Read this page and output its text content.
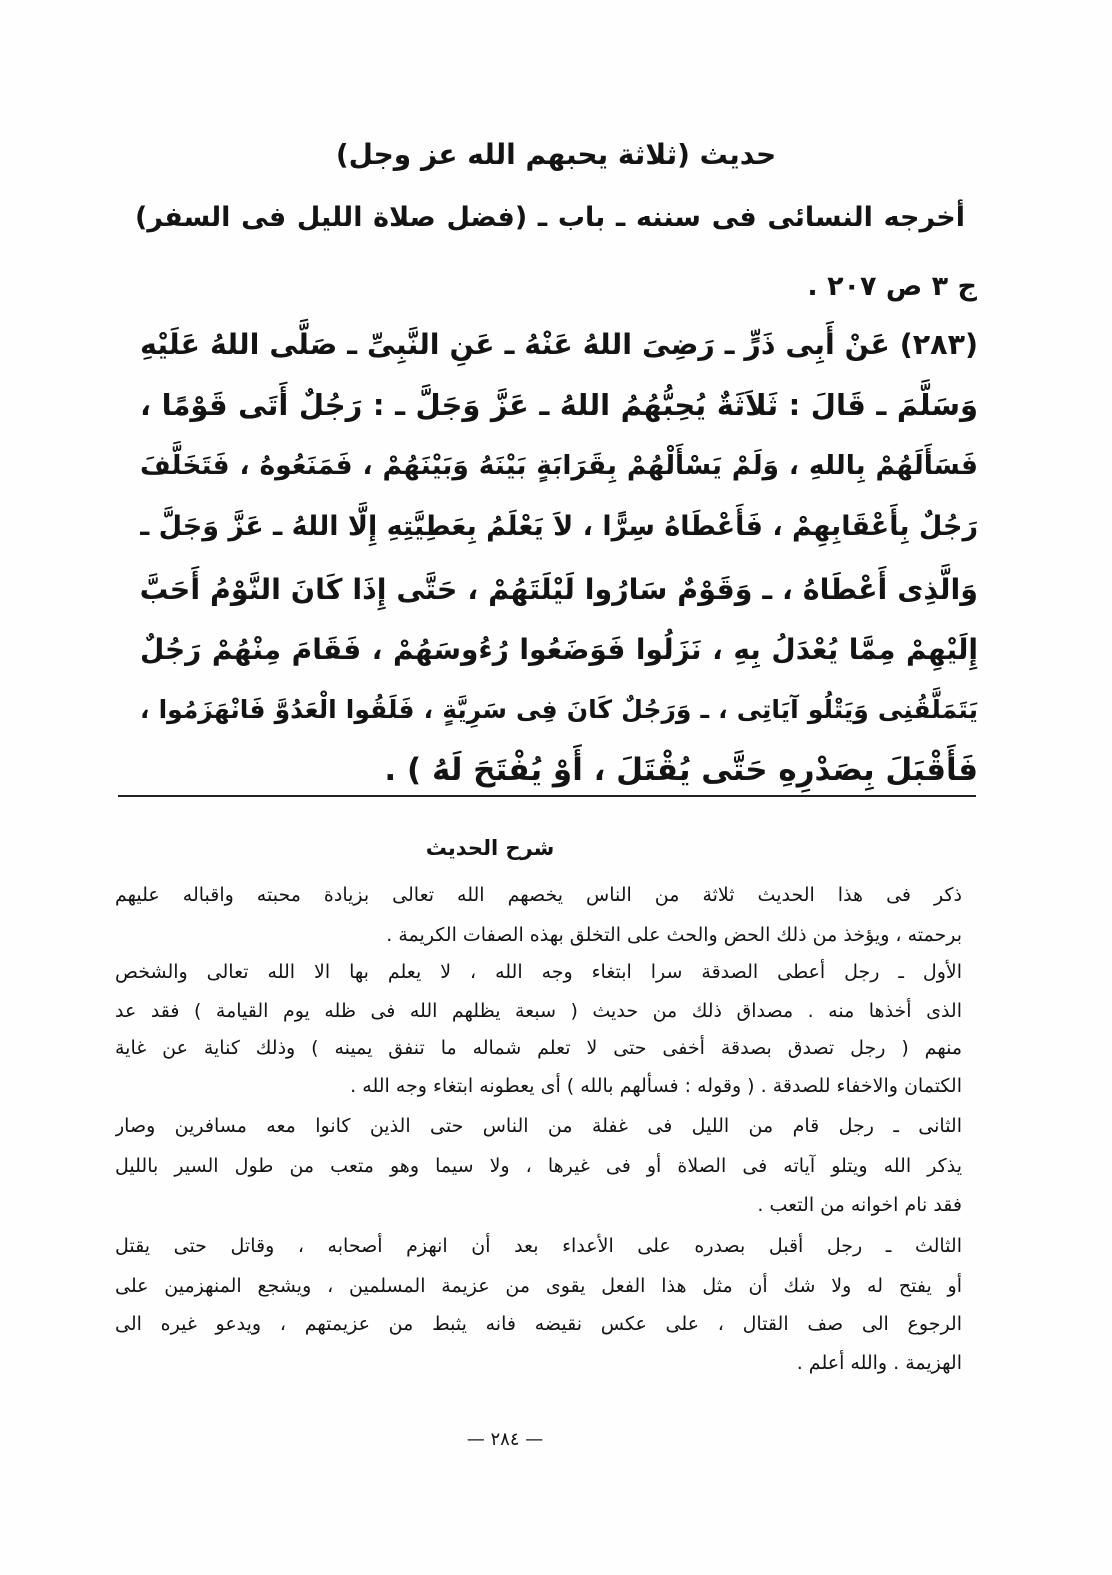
حديث (ثلاثة يحبهم الله عز وجل)
أخرجه النسائى فى سننه ـ باب ـ (فضل صلاة الليل فى السفر)
ج ٣ ص ٢٠٧ .
(٢٨٣) عَنْ أَبِى ذَرٍّ ـ رَضِىَ اللهُ عَنْهُ ـ عَنِ النَّبِىِّ ـ صَلَّى اللهُ عَلَيْهِ
وَسَلَّمَ ـ قَالَ : ثَلاَثَةٌ يُحِبُّهُمُ اللهُ ـ عَزَّ وَجَلَّ ـ : رَجُلٌ أَتَى قَوْمًا ،
فَسَأَلَهُمْ بِاللهِ ، وَلَمْ يَسْأَلْهُمْ بِقَرَابَةٍ بَيْنَهُ وَبَيْنَهُمْ ، فَمَنَعُوهُ ، فَتَخَلَّفَ
رَجُلٌ بِأَعْقَابِهِمْ ، فَأَعْطَاهُ سِرًّا ، لاَ يَعْلَمُ بِعَطِيَّتِهِ إِلَّا اللهُ ـ عَزَّ وَجَلَّ ـ
وَالَّذِى أَعْطَاهُ ، ـ وَقَوْمٌ سَارُوا لَيْلَتَهُمْ ، حَتَّى إِذَا كَانَ النَّوْمُ أَحَبَّ
إِلَيْهِمْ مِمَّا يُعْدَلُ بِهِ ، نَزَلُوا فَوَضَعُوا رُءُوسَهُمْ ، فَقَامَ مِنْهُمْ رَجُلٌ
يَتَمَلَّقُنِى وَيَتْلُو آيَاتِى ، ـ وَرَجُلٌ كَانَ فِى سَرِيَّةٍ ، فَلَقُوا الْعَدُوَّ فَانْهَزَمُوا ،
فَأَقْبَلَ بِصَدْرِهِ حَتَّى يُقْتَلَ ، أَوْ يُفْتَحَ لَهُ ) .
شرح الحديث
ذكر فى هذا الحديث ثلاثة من الناس يخصهم الله تعالى بزيادة محبته واقباله عليهم
برحمته ، ويؤخذ من ذلك الحض والحث على التخلق بهذه الصفات الكريمة .
الأول ـ رجل أعطى الصدقة سرا ابتغاء وجه الله ، لا يعلم بها الا الله تعالى والشخص
الذى أخذها منه . مصداق ذلك من حديث ( سبعة يظلهم الله فى ظله يوم القيامة ) فقد عد
منهم ( رجل تصدق بصدقة أخفى حتى لا تعلم شماله ما تنفق يمينه ) وذلك كناية عن غاية
الكتمان والاخفاء للصدقة . ( وقوله : فسألهم بالله ) أى يعطونه ابتغاء وجه الله .
الثانى ـ رجل قام من الليل فى غفلة من الناس حتى الذين كانوا معه مسافرين وصار
يذكر الله ويتلو آياته فى الصلاة أو فى غيرها ، ولا سيما وهو متعب من طول السير بالليل
فقد نام اخوانه من التعب .
الثالث ـ رجل أقبل بصدره على الأعداء بعد أن انهزم أصحابه ، وقاتل حتى يقتل
أو يفتح له ولا شك أن مثل هذا الفعل يقوى من عزيمة المسلمين ، ويشجع المنهزمين على
الرجوع الى صف القتال ، على عكس نقيضه فانه يثبط من عزيمتهم ، ويدعو غيره الى
الهزيمة . والله أعلم .
— ٢٨٤ —
